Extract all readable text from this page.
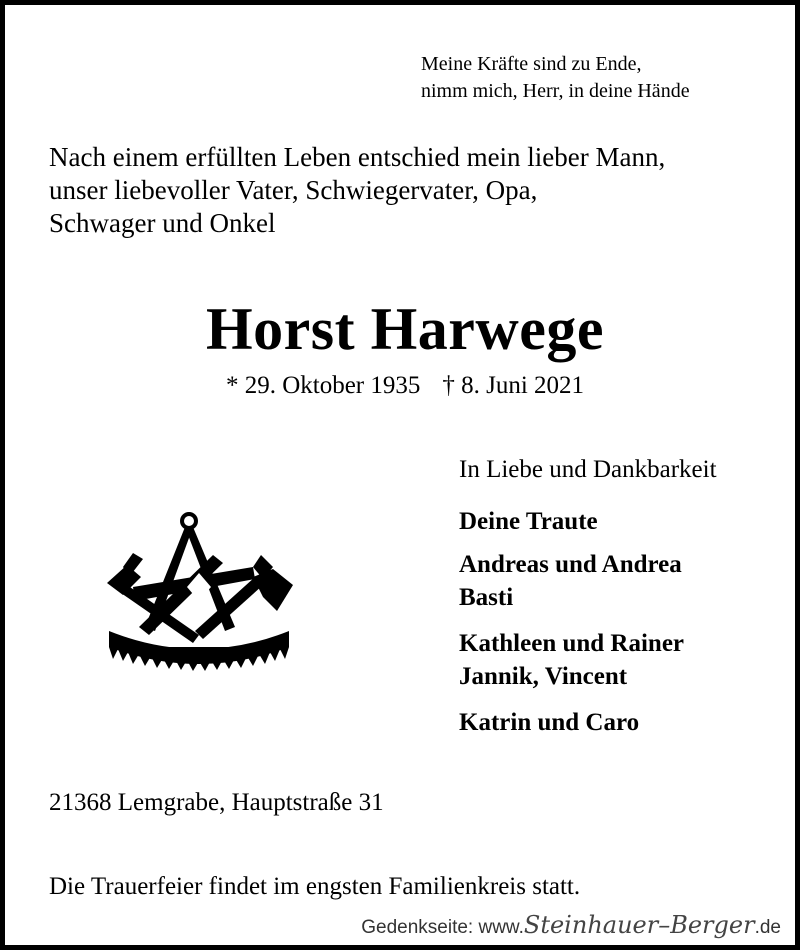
Meine Kräfte sind zu Ende,
nimm mich, Herr, in deine Hände
Nach einem erfüllten Leben entschied mein lieber Mann,
unser liebevoller Vater, Schwiegervater, Opa,
Schwager und Onkel
Horst Harwege
* 29. Oktober 1935 † 8. Juni 2021
In Liebe und Dankbarkeit
Deine Traute
Andreas und Andrea
Basti
Kathleen und Rainer
Jannik, Vincent
Katrin und Caro
21368 Lemgrabe, Hauptstraße 31
Die Trauerfeier findet im engsten Familienkreis statt.
Gedenkseite: www.Steinhauer–Berger.de
